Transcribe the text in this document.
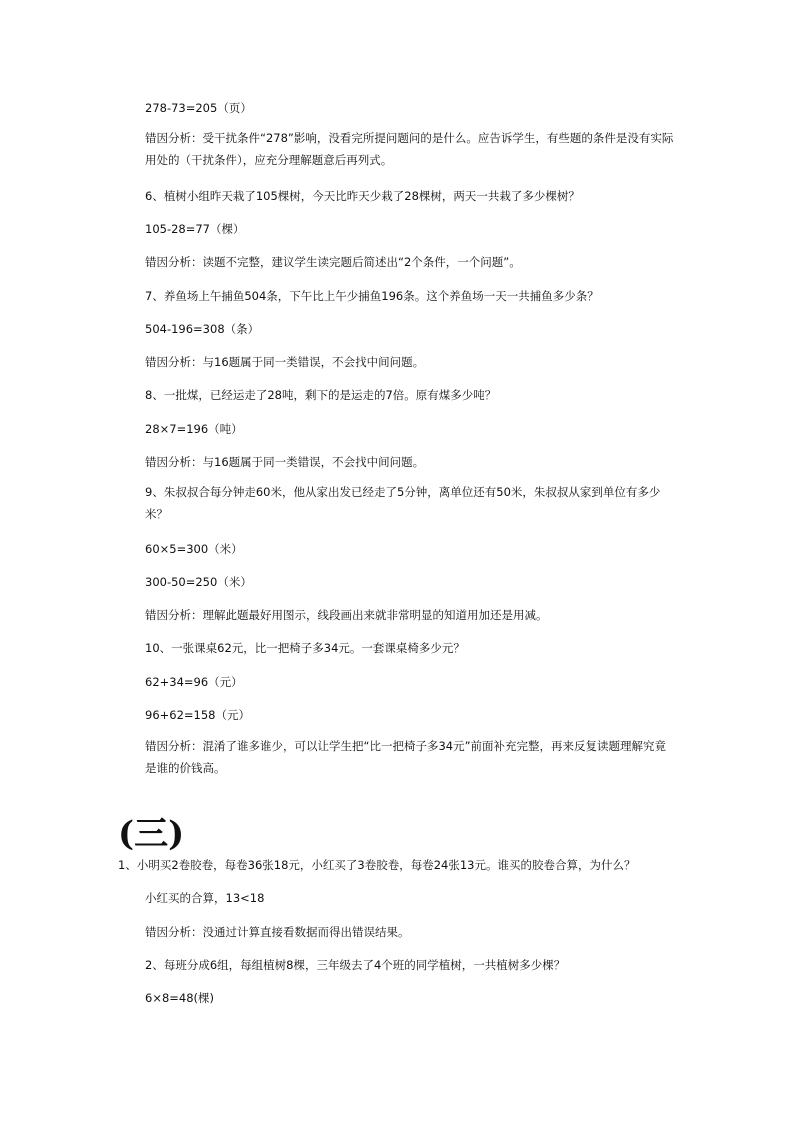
278-73=205（页）
错因分析：受干扰条件“278”影响，没看完所提问题问的是什么。应告诉学生，有些题的条件是没有实际用处的（干扰条件），应充分理解题意后再列式。
6、植树小组昨天栽了105棵树，今天比昨天少栽了28棵树，两天一共栽了多少棵树？
105-28=77（棵）
错因分析：读题不完整，建议学生读完题后简述出“2个条件，一个问题”。
7、养鱼场上午捕鱼504条，下午比上午少捕鱼196条。这个养鱼场一天一共捕鱼多少条？
504-196=308（条）
错因分析：与16题属于同一类错误，不会找中间问题。
8、一批煤，已经运走了28吨，剩下的是运走的7倍。原有煤多少吨？
28×7=196（吨）
错因分析：与16题属于同一类错误，不会找中间问题。
9、朱叔叔合每分钟走60米，他从家出发已经走了5分钟，离单位还有50米，朱叔叔从家到单位有多少米？
60×5=300（米）
300-50=250（米）
错因分析：理解此题最好用图示，线段画出来就非常明显的知道用加还是用减。
10、一张课桌62元，比一把椅子多34元。一套课桌椅多少元？
62+34=96（元）
96+62=158（元）
错因分析：混淆了谁多谁少，可以让学生把“比一把椅子多34元”前面补充完整，再来反复读题理解究竟是谁的价钱高。
(三)
1、小明买2卷胶卷，每卷36张18元，小红买了3卷胶卷，每卷24张13元。谁买的胶卷合算，为什么？
小红买的合算，13<18
错因分析：没通过计算直接看数据而得出错误结果。
2、每班分成6组，每组植树8棵，三年级去了4个班的同学植树，一共植树多少棵？
6×8=48(棵)
